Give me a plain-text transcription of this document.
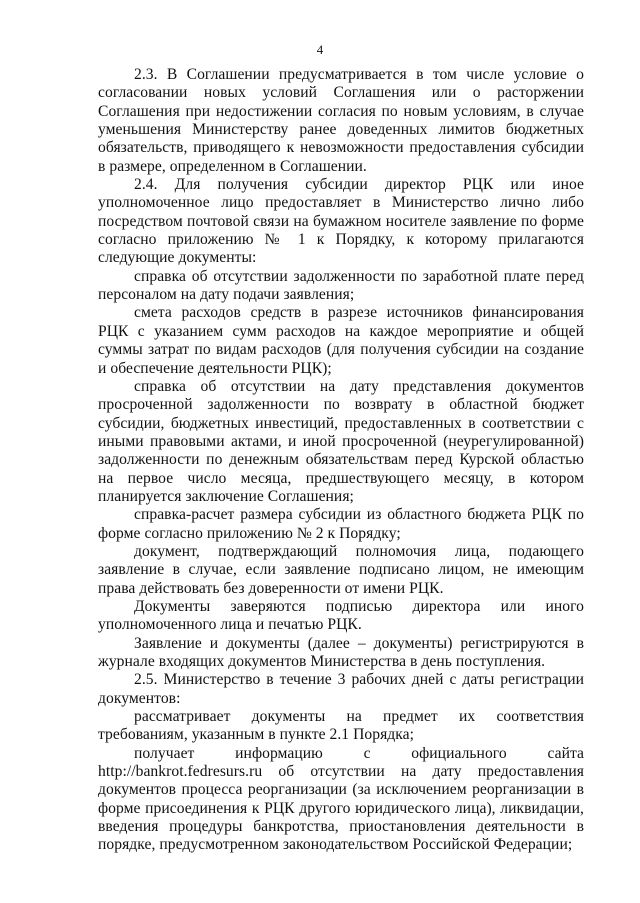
4

2.3. В Соглашении предусматривается в том числе условие о согласовании новых условий Соглашения или о расторжении Соглашения при недостижении согласия по новым условиям, в случае уменьшения Министерству ранее доведенных лимитов бюджетных обязательств, приводящего к невозможности предоставления субсидии в размере, определенном в Соглашении.

2.4. Для получения субсидии директор РЦК или иное уполномоченное лицо предоставляет в Министерство лично либо посредством почтовой связи на бумажном носителе заявление по форме согласно приложению № 1 к Порядку, к которому прилагаются следующие документы:

справка об отсутствии задолженности по заработной плате перед персоналом на дату подачи заявления;

смета расходов средств в разрезе источников финансирования РЦК с указанием сумм расходов на каждое мероприятие и общей суммы затрат по видам расходов (для получения субсидии на создание и обеспечение деятельности РЦК);

справка об отсутствии на дату представления документов просроченной задолженности по возврату в областной бюджет субсидии, бюджетных инвестиций, предоставленных в соответствии с иными правовыми актами, и иной просроченной (неурегулированной) задолженности по денежным обязательствам перед Курской областью на первое число месяца, предшествующего месяцу, в котором планируется заключение Соглашения;

справка-расчет размера субсидии из областного бюджета РЦК по форме согласно приложению № 2 к Порядку;

документ, подтверждающий полномочия лица, подающего заявление в случае, если заявление подписано лицом, не имеющим права действовать без доверенности от имени РЦК.

Документы заверяются подписью директора или иного уполномоченного лица и печатью РЦК.

Заявление и документы (далее – документы) регистрируются в журнале входящих документов Министерства в день поступления.

2.5. Министерство в течение 3 рабочих дней с даты регистрации документов:

рассматривает документы на предмет их соответствия требованиям, указанным в пункте 2.1 Порядка;

получает информацию с официального сайта http://bankrot.fedresurs.ru об отсутствии на дату предоставления документов процесса реорганизации (за исключением реорганизации в форме присоединения к РЦК другого юридического лица), ликвидации, введения процедуры банкротства, приостановления деятельности в порядке, предусмотренном законодательством Российской Федерации;
